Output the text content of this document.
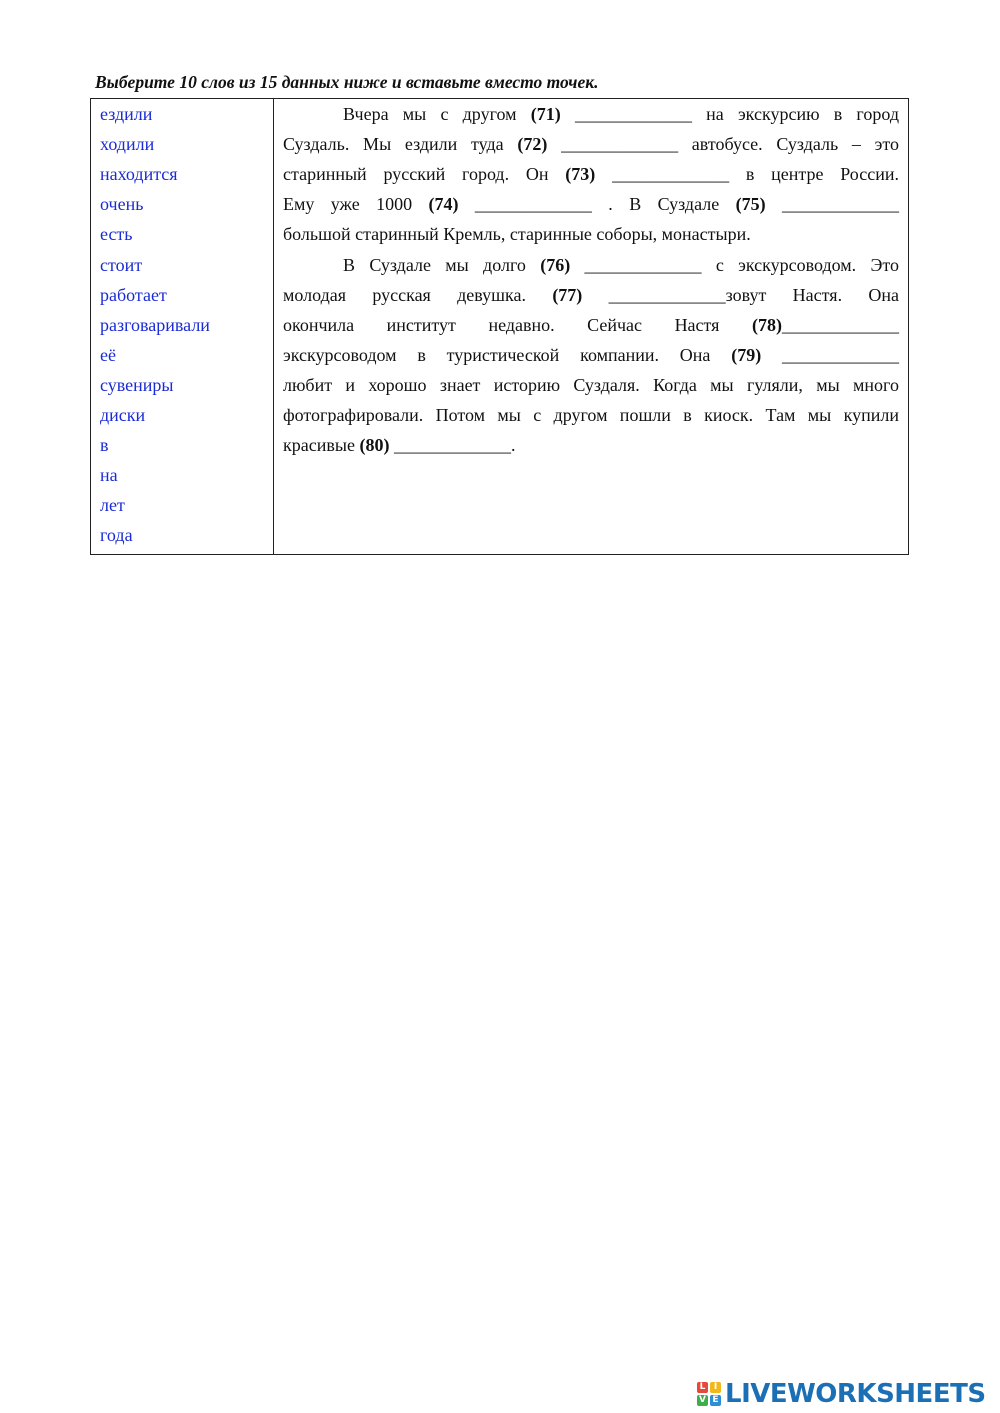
Выберите 10 слов из 15 данных ниже и вставьте вместо точек.
ездили
ходили
находится
очень
есть
стоит
работает
разговаривали
её
сувениры
диски
в
на
лет
года
Вчера мы с другом (71) _____________ на экскурсию в город
Суздаль. Мы ездили туда (72) _____________ автобусе. Суздаль – это
старинный русский город. Он (73) _____________ в центре России.
Ему уже 1000 (74) _____________ . В Суздале (75) _____________
большой старинный Кремль, старинные соборы, монастыри.
В Суздале мы долго (76) _____________ с экскурсоводом. Это
молодая русская девушка. (77) _____________зовут Настя. Она
окончила институт недавно. Сейчас Настя (78)_____________
экскурсоводом в туристической компании. Она (79) _____________
любит и хорошо знает историю Суздаля. Когда мы гуляли, мы много
фотографировали. Потом мы с другом пошли в киоск. Там мы купили
красивые (80) _____________.
L I
V E LIVEWORKSHEETS
